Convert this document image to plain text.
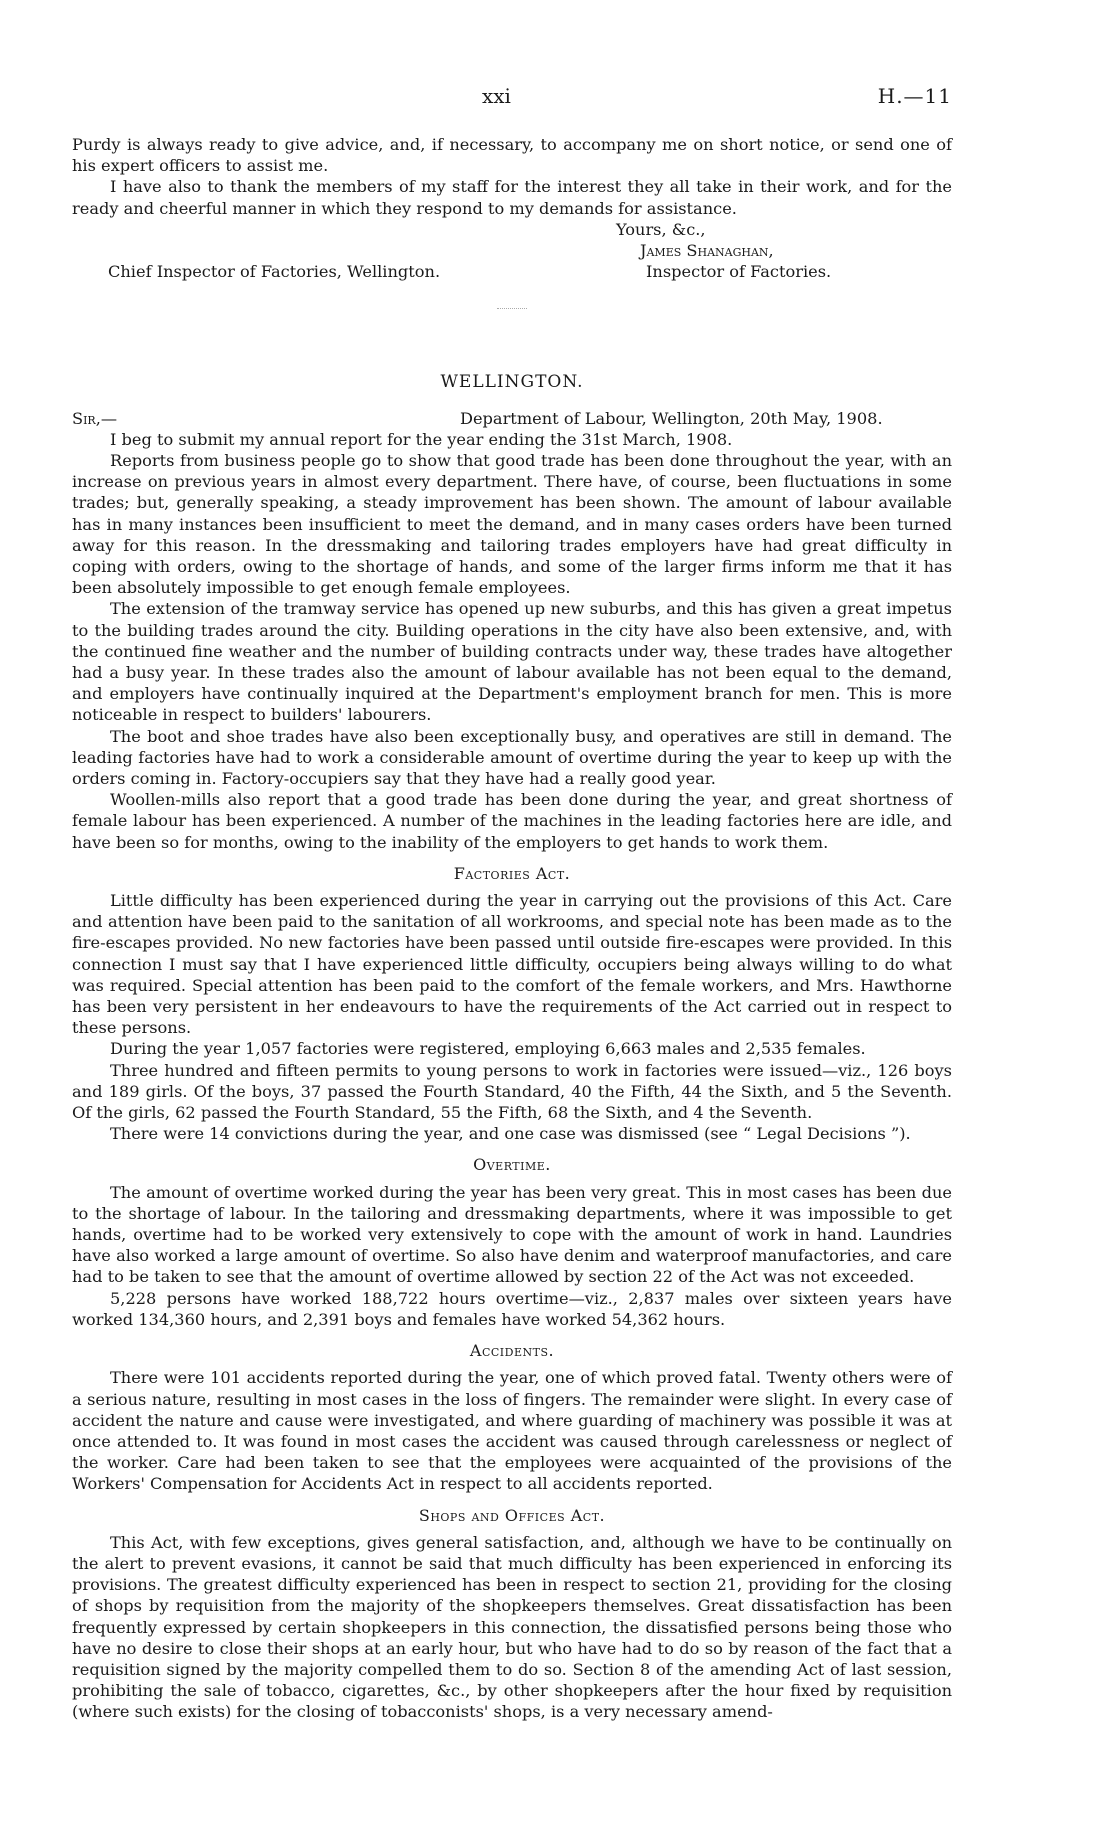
xxi	H.—11

Purdy is always ready to give advice, and, if necessary, to accompany me on short notice, or send one of his expert officers to assist me.

I have also to thank the members of my staff for the interest they all take in their work, and for the ready and cheerful manner in which they respond to my demands for assistance.

Yours, &c.,
James Shanaghan,
Chief Inspector of Factories, Wellington.	Inspector of Factories.
WELLINGTON.
Sir,—	Department of Labour, Wellington, 20th May, 1908.

I beg to submit my annual report for the year ending the 31st March, 1908.

Reports from business people go to show that good trade has been done throughout the year, with an increase on previous years in almost every department. There have, of course, been fluctuations in some trades; but, generally speaking, a steady improvement has been shown. The amount of labour available has in many instances been insufficient to meet the demand, and in many cases orders have been turned away for this reason. In the dressmaking and tailoring trades employers have had great difficulty in coping with orders, owing to the shortage of hands, and some of the larger firms inform me that it has been absolutely impossible to get enough female employees.

The extension of the tramway service has opened up new suburbs, and this has given a great impetus to the building trades around the city. Building operations in the city have also been extensive, and, with the continued fine weather and the number of building contracts under way, these trades have altogether had a busy year. In these trades also the amount of labour available has not been equal to the demand, and employers have continually inquired at the Department's employment branch for men. This is more noticeable in respect to builders' labourers.

The boot and shoe trades have also been exceptionally busy, and operatives are still in demand. The leading factories have had to work a considerable amount of overtime during the year to keep up with the orders coming in. Factory-occupiers say that they have had a really good year.

Woollen-mills also report that a good trade has been done during the year, and great shortness of female labour has been experienced. A number of the machines in the leading factories here are idle, and have been so for months, owing to the inability of the employers to get hands to work them.

Factories Act.

Little difficulty has been experienced during the year in carrying out the provisions of this Act. Care and attention have been paid to the sanitation of all workrooms, and special note has been made as to the fire-escapes provided. No new factories have been passed until outside fire-escapes were provided. In this connection I must say that I have experienced little difficulty, occupiers being always willing to do what was required. Special attention has been paid to the comfort of the female workers, and Mrs. Hawthorne has been very persistent in her endeavours to have the requirements of the Act carried out in respect to these persons.

During the year 1,057 factories were registered, employing 6,663 males and 2,535 females.

Three hundred and fifteen permits to young persons to work in factories were issued—viz., 126 boys and 189 girls. Of the boys, 37 passed the Fourth Standard, 40 the Fifth, 44 the Sixth, and 5 the Seventh. Of the girls, 62 passed the Fourth Standard, 55 the Fifth, 68 the Sixth, and 4 the Seventh.

There were 14 convictions during the year, and one case was dismissed (see “ Legal Decisions ”).

Overtime.

The amount of overtime worked during the year has been very great. This in most cases has been due to the shortage of labour. In the tailoring and dressmaking departments, where it was impossible to get hands, overtime had to be worked very extensively to cope with the amount of work in hand. Laundries have also worked a large amount of overtime. So also have denim and waterproof manufactories, and care had to be taken to see that the amount of overtime allowed by section 22 of the Act was not exceeded.

5,228 persons have worked 188,722 hours overtime—viz., 2,837 males over sixteen years have worked 134,360 hours, and 2,391 boys and females have worked 54,362 hours.

Accidents.

There were 101 accidents reported during the year, one of which proved fatal. Twenty others were of a serious nature, resulting in most cases in the loss of fingers. The remainder were slight. In every case of accident the nature and cause were investigated, and where guarding of machinery was possible it was at once attended to. It was found in most cases the accident was caused through carelessness or neglect of the worker. Care had been taken to see that the employees were acquainted of the provisions of the Workers' Compensation for Accidents Act in respect to all accidents reported.

Shops and Offices Act.

This Act, with few exceptions, gives general satisfaction, and, although we have to be continually on the alert to prevent evasions, it cannot be said that much difficulty has been experienced in enforcing its provisions. The greatest difficulty experienced has been in respect to section 21, providing for the closing of shops by requisition from the majority of the shopkeepers themselves. Great dissatisfaction has been frequently expressed by certain shopkeepers in this connection, the dissatisfied persons being those who have no desire to close their shops at an early hour, but who have had to do so by reason of the fact that a requisition signed by the majority compelled them to do so. Section 8 of the amending Act of last session, prohibiting the sale of tobacco, cigarettes, &c., by other shopkeepers after the hour fixed by requisition (where such exists) for the closing of tobacconists' shops, is a very necessary amend-
